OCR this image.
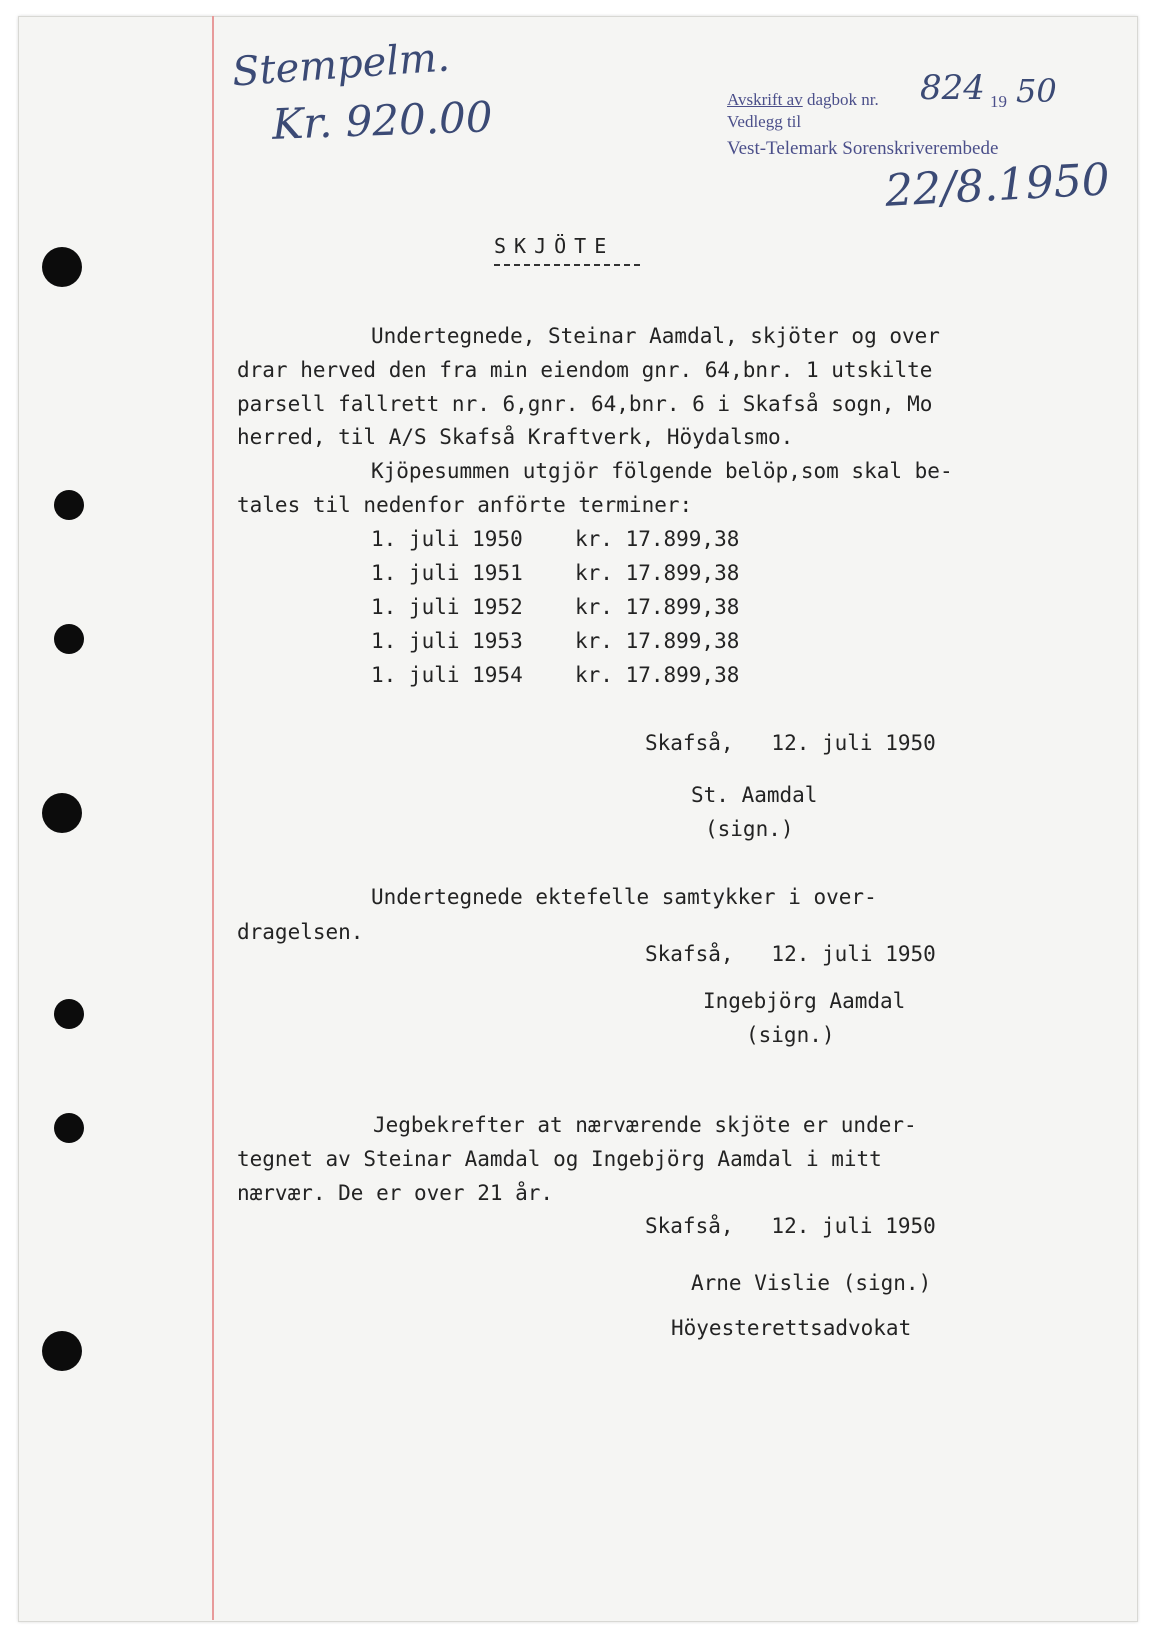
Stempelm.
Kr. 920.00	Avskrift av dagbok nr. 824 19 50
Vedlegg til
Vest-Telemark Sorenskriverembede
22/8.1950
SKJÖTE
Undertegnede, Steinar Aamdal, skjöter og over
drar herved den fra min eiendom gnr. 64,bnr. 1 utskilte
parsell fallrett nr. 6,gnr. 64,bnr. 6 i Skafså sogn, Mo
herred, til A/S Skafså Kraftverk, Höydalsmo.
Kjöpesummen utgjör fölgende belöp,som skal be-
tales til nedenfor anförte terminer:
1. juli 1950 kr. 17.899,38
1. juli 1951 kr. 17.899,38
1. juli 1952 kr. 17.899,38
1. juli 1953 kr. 17.899,38
1. juli 1954 kr. 17.899,38
Skafså,   12. juli 1950
St. Aamdal
(sign.)
Undertegnede ektefelle samtykker i over-
dragelsen.
Skafså,   12. juli 1950
Ingebjörg Aamdal
(sign.)
Jegbekrefter at nærværende skjöte er under-
tegnet av Steinar Aamdal og Ingebjörg Aamdal i mitt
nærvær. De er over 21 år.
Skafså,   12. juli 1950
Arne Vislie (sign.)
Höyesterettsadvokat
